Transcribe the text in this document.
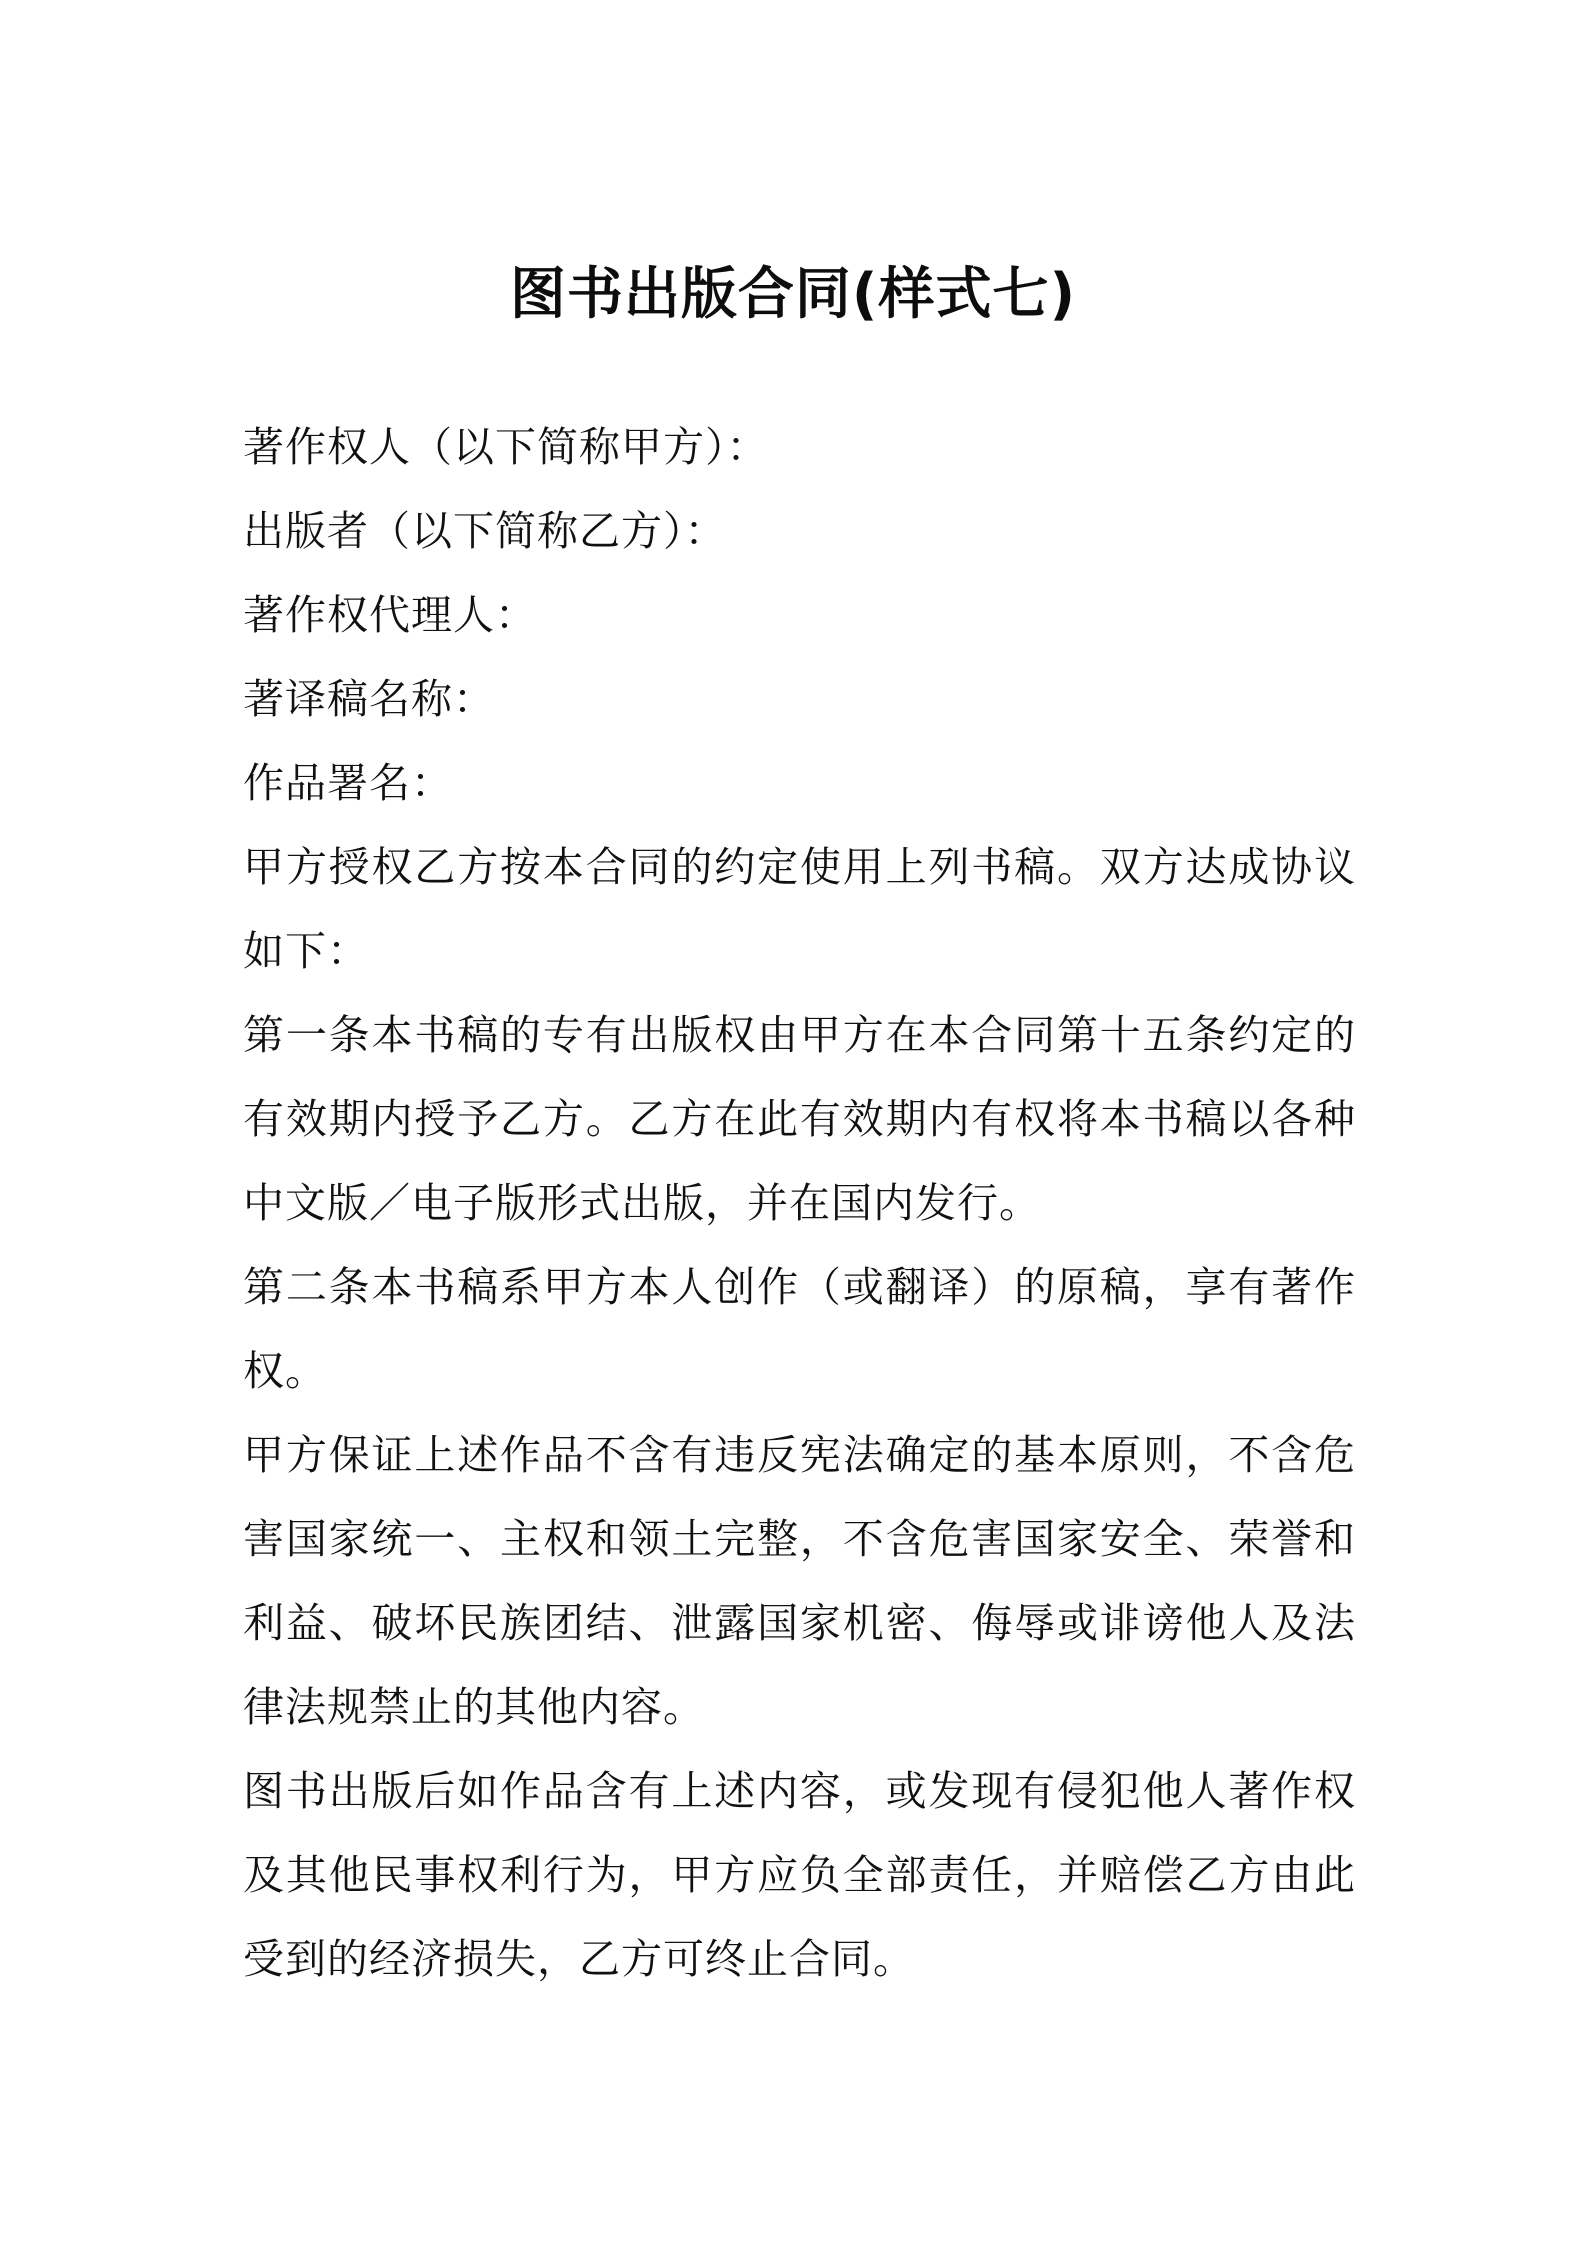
图书出版合同(样式七)

著作权人（以下简称甲方）：

出版者（以下简称乙方）：

著作权代理人：

著译稿名称：

作品署名：

甲方授权乙方按本合同的约定使用上列书稿。双方达成协议如下：

第一条本书稿的专有出版权由甲方在本合同第十五条约定的有效期内授予乙方。乙方在此有效期内有权将本书稿以各种中文版／电子版形式出版，并在国内发行。

第二条本书稿系甲方本人创作（或翻译）的原稿，享有著作权。

甲方保证上述作品不含有违反宪法确定的基本原则，不含危害国家统一、主权和领土完整，不含危害国家安全、荣誉和利益、破坏民族团结、泄露国家机密、侮辱或诽谤他人及法律法规禁止的其他内容。

图书出版后如作品含有上述内容，或发现有侵犯他人著作权及其他民事权利行为，甲方应负全部责任，并赔偿乙方由此受到的经济损失，乙方可终止合同。
